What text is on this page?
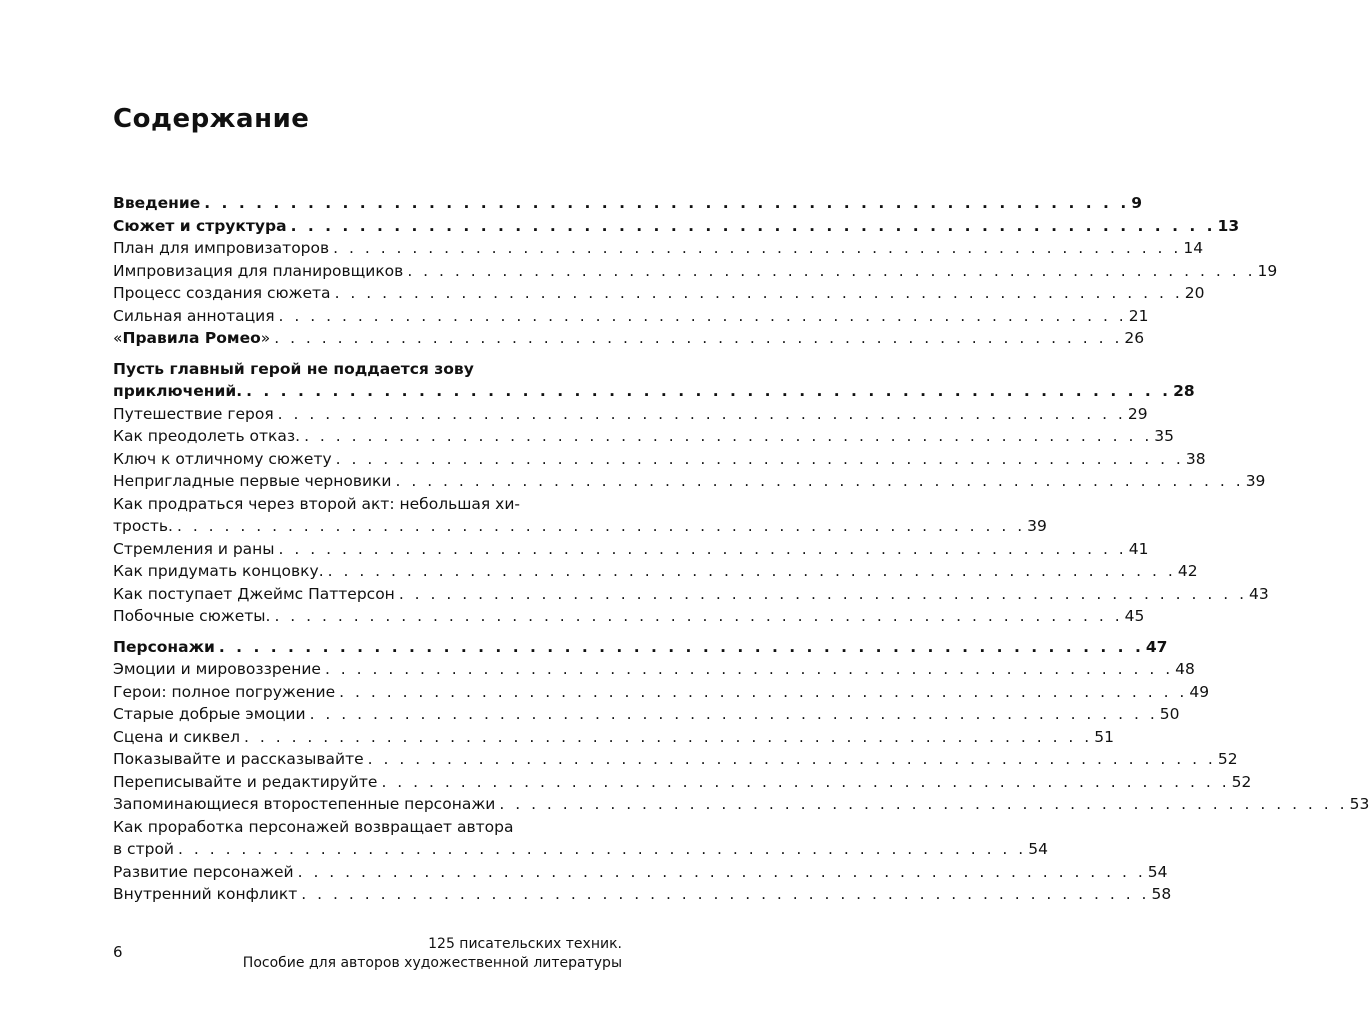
Содержание
Введение . . . . . . . . . . . . . . . . . . . . . . . . . . . . . . . . . . . . . . . . . . . . . . . . . . . . . . 9
Сюжет и структура . . . . . . . . . . . . . . . . . . . . . . . . . . . . . . . . . . . . . . . . . . . . . . . . . . . . . . 13
План для импровизаторов . . . . . . . . . . . . . . . . . . . . . . . . . . . . . . . . . . . . . . . . . . . . . . . . . . . . . . 14
Импровизация для планировщиков . . . . . . . . . . . . . . . . . . . . . . . . . . . . . . . . . . . . . . . . . . . . . . . . . . . . . . 19
Процесс создания сюжета . . . . . . . . . . . . . . . . . . . . . . . . . . . . . . . . . . . . . . . . . . . . . . . . . . . . . . 20
Сильная аннотация . . . . . . . . . . . . . . . . . . . . . . . . . . . . . . . . . . . . . . . . . . . . . . . . . . . . . . 21
«Правила Ромео» . . . . . . . . . . . . . . . . . . . . . . . . . . . . . . . . . . . . . . . . . . . . . . . . . . . . . . 26
Пусть главный герой не поддается зову
приключений. . . . . . . . . . . . . . . . . . . . . . . . . . . . . . . . . . . . . . . . . . . . . . . . . . . . . . . 28
Путешествие героя . . . . . . . . . . . . . . . . . . . . . . . . . . . . . . . . . . . . . . . . . . . . . . . . . . . . . . 29
Как преодолеть отказ. . . . . . . . . . . . . . . . . . . . . . . . . . . . . . . . . . . . . . . . . . . . . . . . . . . . . . . 35
Ключ к отличному сюжету . . . . . . . . . . . . . . . . . . . . . . . . . . . . . . . . . . . . . . . . . . . . . . . . . . . . . . 38
Непригладные первые черновики . . . . . . . . . . . . . . . . . . . . . . . . . . . . . . . . . . . . . . . . . . . . . . . . . . . . . . 39
Как продраться через второй акт: небольшая хи-
трость. . . . . . . . . . . . . . . . . . . . . . . . . . . . . . . . . . . . . . . . . . . . . . . . . . . . . . . 39
Стремления и раны . . . . . . . . . . . . . . . . . . . . . . . . . . . . . . . . . . . . . . . . . . . . . . . . . . . . . . 41
Как придумать концовку. . . . . . . . . . . . . . . . . . . . . . . . . . . . . . . . . . . . . . . . . . . . . . . . . . . . . . . 42
Как поступает Джеймс Паттерсон . . . . . . . . . . . . . . . . . . . . . . . . . . . . . . . . . . . . . . . . . . . . . . . . . . . . . . 43
Побочные сюжеты. . . . . . . . . . . . . . . . . . . . . . . . . . . . . . . . . . . . . . . . . . . . . . . . . . . . . . . 45
Персонажи . . . . . . . . . . . . . . . . . . . . . . . . . . . . . . . . . . . . . . . . . . . . . . . . . . . . . . 47
Эмоции и мировоззрение . . . . . . . . . . . . . . . . . . . . . . . . . . . . . . . . . . . . . . . . . . . . . . . . . . . . . . 48
Герои: полное погружение . . . . . . . . . . . . . . . . . . . . . . . . . . . . . . . . . . . . . . . . . . . . . . . . . . . . . . 49
Старые добрые эмоции . . . . . . . . . . . . . . . . . . . . . . . . . . . . . . . . . . . . . . . . . . . . . . . . . . . . . . 50
Сцена и сиквел . . . . . . . . . . . . . . . . . . . . . . . . . . . . . . . . . . . . . . . . . . . . . . . . . . . . . . 51
Показывайте и рассказывайте . . . . . . . . . . . . . . . . . . . . . . . . . . . . . . . . . . . . . . . . . . . . . . . . . . . . . . 52
Переписывайте и редактируйте . . . . . . . . . . . . . . . . . . . . . . . . . . . . . . . . . . . . . . . . . . . . . . . . . . . . . . 52
Запоминающиеся второстепенные персонажи . . . . . . . . . . . . . . . . . . . . . . . . . . . . . . . . . . . . . . . . . . . . . . . . . . . . . . 53
Как проработка персонажей возвращает автора
в строй . . . . . . . . . . . . . . . . . . . . . . . . . . . . . . . . . . . . . . . . . . . . . . . . . . . . . . 54
Развитие персонажей . . . . . . . . . . . . . . . . . . . . . . . . . . . . . . . . . . . . . . . . . . . . . . . . . . . . . . 54
Внутренний конфликт . . . . . . . . . . . . . . . . . . . . . . . . . . . . . . . . . . . . . . . . . . . . . . . . . . . . . . 58
6	125 писательских техник.
Пособие для авторов художественной литературы
